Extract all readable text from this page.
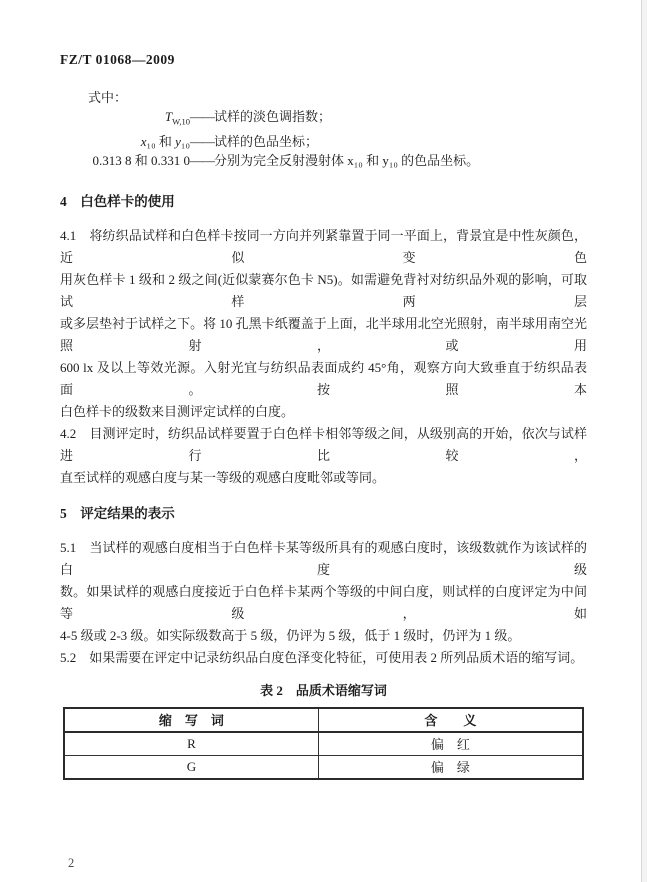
FZ/T 01068—2009
式中：
$T_{W,10}——$试样的淡色调指数；
x₁₀ 和 y₁₀——试样的色品坐标；
0.313 8 和 0.331 0——分别为完全反射漫射体 x₁₀ 和 y₁₀ 的色品坐标。
4　白色样卡的使用
4.1　将纺织品试样和白色样卡按同一方向并列紧靠置于同一平面上，背景宜是中性灰颜色，近似变色
用灰色样卡 1 级和 2 级之间(近似蒙赛尔色卡 N5)。如需避免背衬对纺织品外观的影响，可取试样两层
或多层垫衬于试样之下。将 10 孔黑卡纸覆盖于上面，北半球用北空光照射，南半球用南空光照射，或用
600 lx 及以上等效光源。入射光宜与纺织品表面成约 45°角，观察方向大致垂直于纺织品表面。按照本
白色样卡的级数来目测评定试样的白度。
4.2　目测评定时，纺织品试样要置于白色样卡相邻等级之间，从级别高的开始，依次与试样进行比较，
直至试样的观感白度与某一等级的观感白度毗邻或等同。
5　评定结果的表示
5.1　当试样的观感白度相当于白色样卡某等级所具有的观感白度时，该级数就作为该试样的白度级
数。如果试样的观感白度接近于白色样卡某两个等级的中间白度，则试样的白度评定为中间等级，如
4-5 级或 2-3 级。如实际级数高于 5 级，仍评为 5 级，低于 1 级时，仍评为 1 级。
5.2　如果需要在评定中记录纺织品白度色泽变化特征，可使用表 2 所列品质术语的缩写词。
表 2　品质术语缩写词
缩　写　词	含　　义
R	偏　红
G	偏　绿
2
